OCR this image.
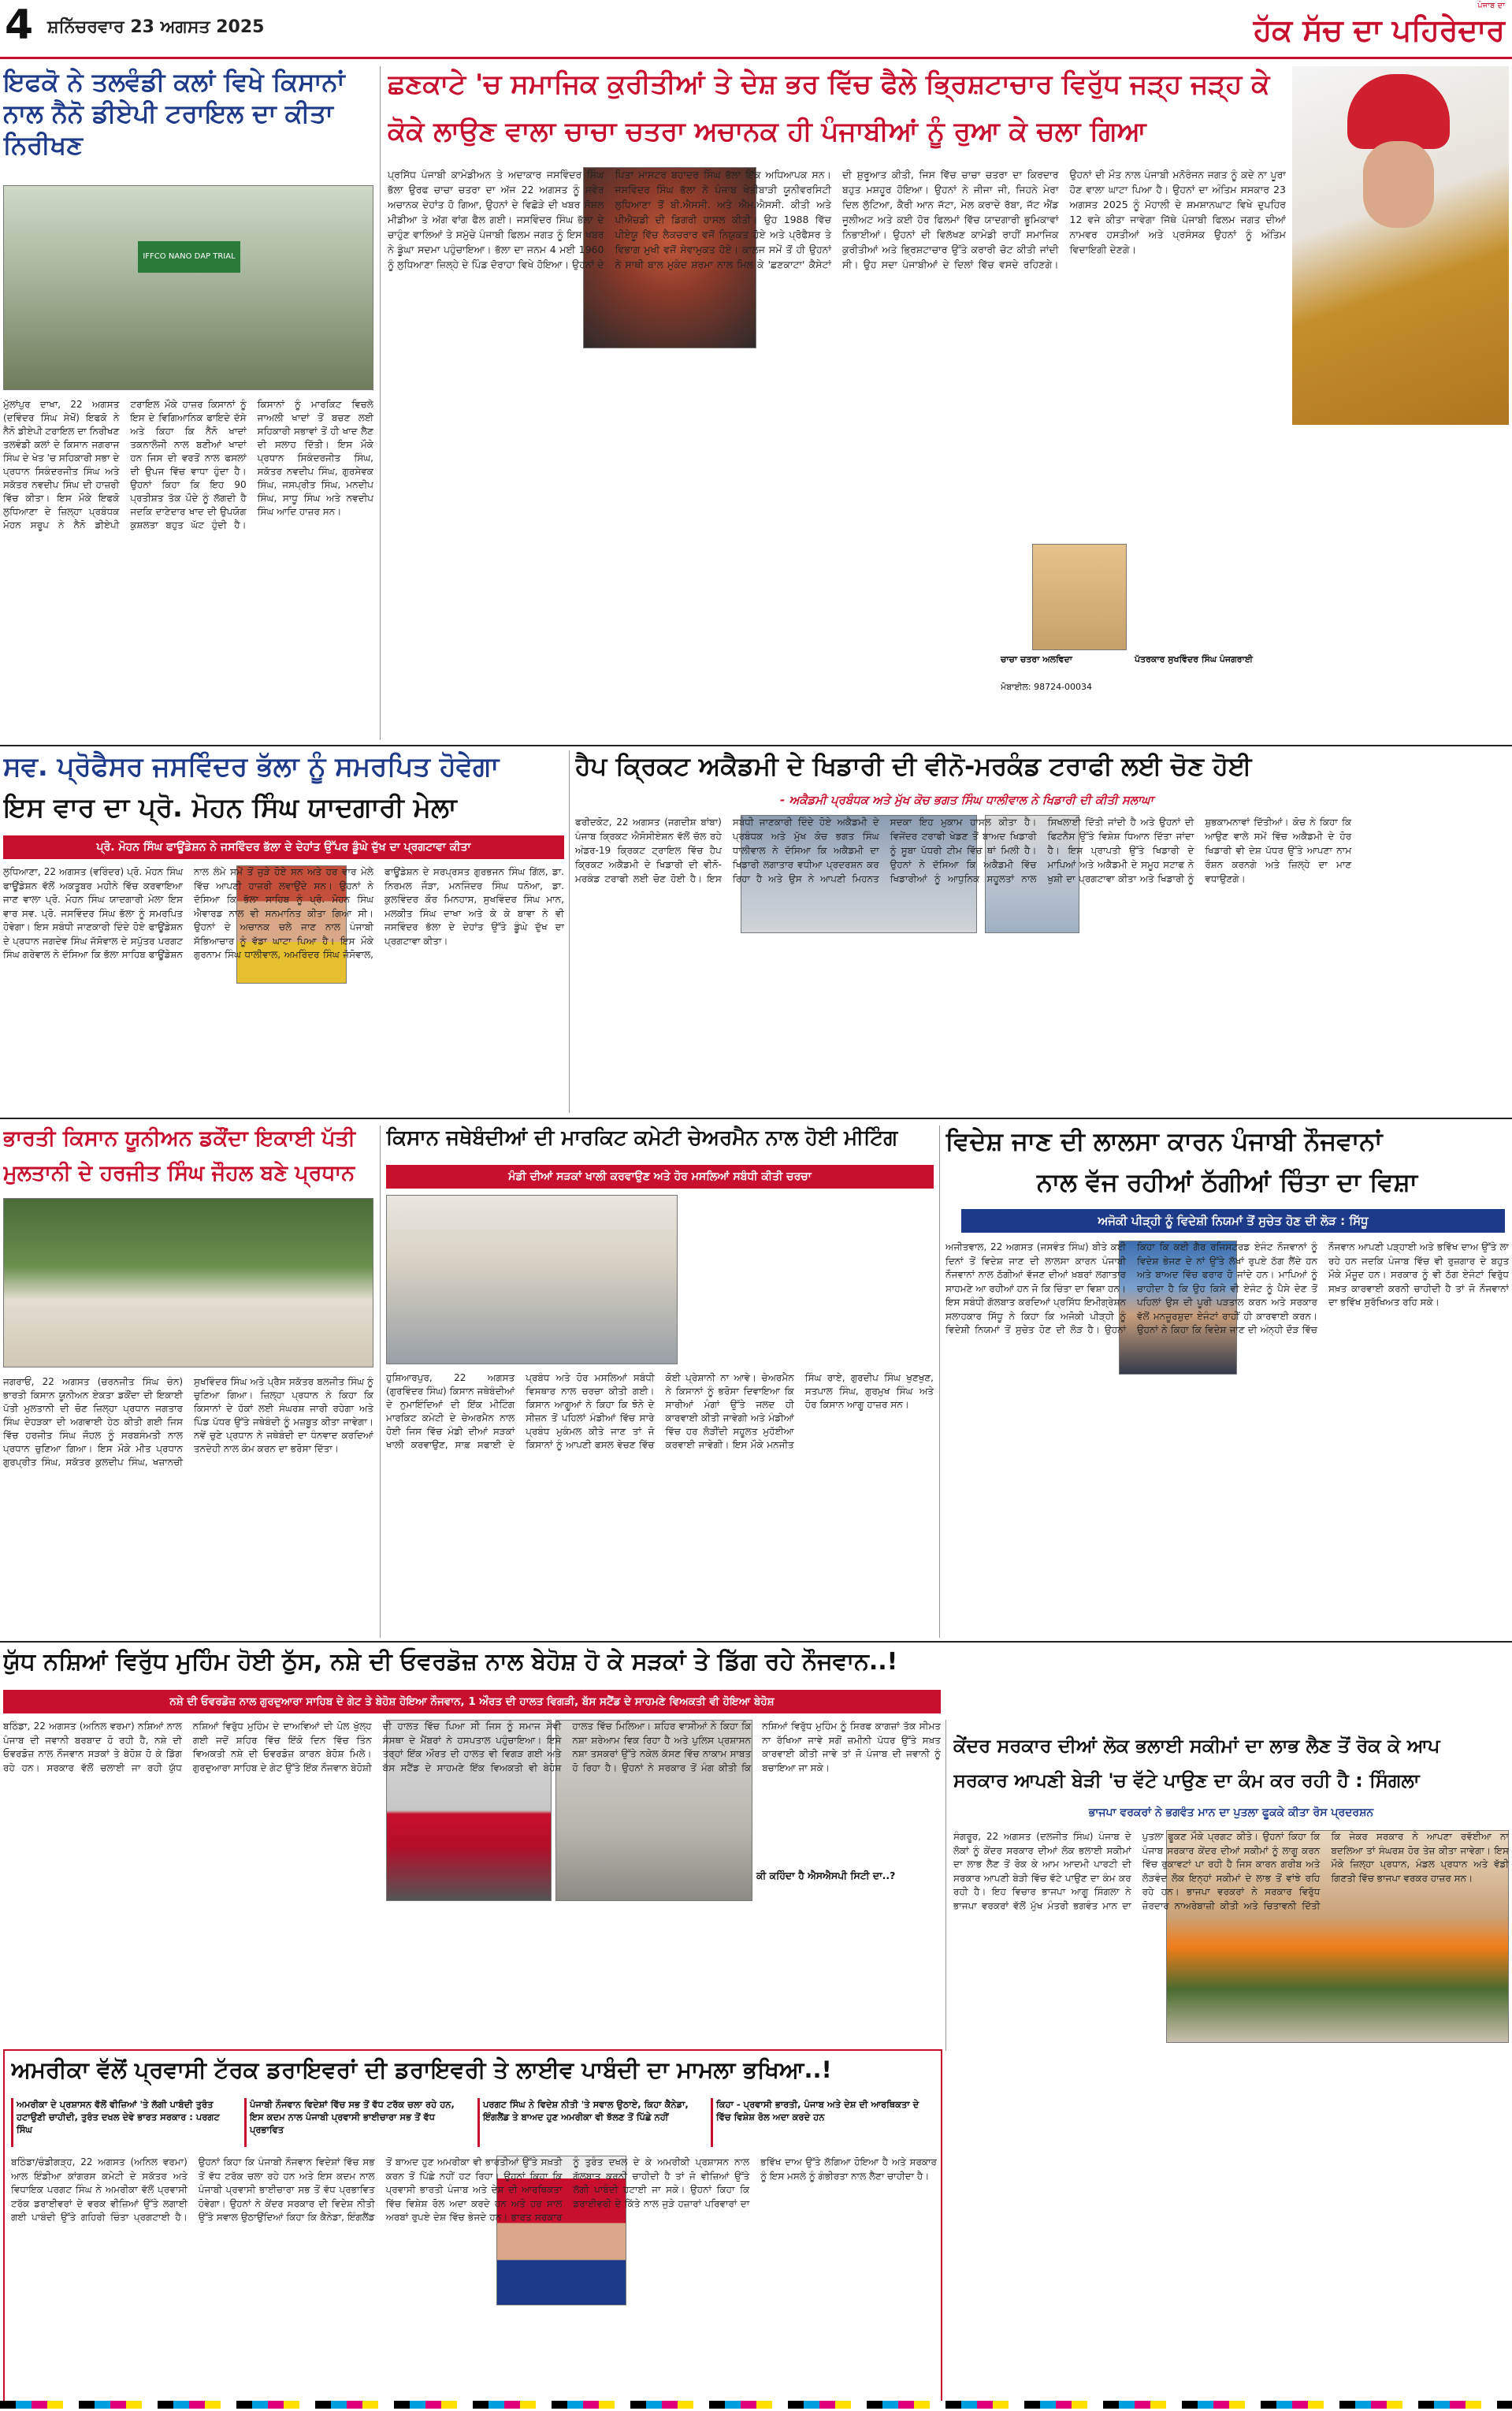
4 ਸ਼ਨਿੱਚਰਵਾਰ 23 ਅਗਸਤ 2025
ਪੰਜਾਬ ਦਾ
ਹੱਕ ਸੱਚ ਦਾ ਪਹਿਰੇਦਾਰ
ਇਫਕੋ ਨੇ ਤਲਵੰਡੀ ਕਲਾਂ ਵਿਖੇ ਕਿਸਾਨਾਂ ਨਾਲ ਨੈਨੋ ਡੀਏਪੀ ਟਰਾਇਲ ਦਾ ਕੀਤਾ ਨਿਰੀਖਣ
IFFCO NANO DAP TRIAL
ਮੁੱਲਾਂਪੁਰ ਦਾਖਾ, 22 ਅਗਸਤ (ਦਵਿੰਦਰ ਸਿੰਘ ਸੇਖੋਂ) ਇਫਕੋ ਨੇ ਨੈਨੋ ਡੀਏਪੀ ਟਰਾਇਲ ਦਾ ਨਿਰੀਖਣ ਤਲਵੰਡੀ ਕਲਾਂ ਦੇ ਕਿਸਾਨ ਜਗਰਾਜ ਸਿੰਘ ਦੇ ਖੇਤ 'ਚ ਸਹਿਕਾਰੀ ਸਭਾ ਦੇ ਪ੍ਰਧਾਨ ਸਿਕੰਦਰਜੀਤ ਸਿੰਘ ਅਤੇ ਸਕੱਤਰ ਨਵਦੀਪ ਸਿੰਘ ਦੀ ਹਾਜ਼ਰੀ ਵਿੱਚ ਕੀਤਾ। ਇਸ ਮੌਕੇ ਇਫਕੋ ਲੁਧਿਆਣਾ ਦੇ ਜ਼ਿਲ੍ਹਾ ਪ੍ਰਬੰਧਕ ਮੋਹਨ ਸਰੂਪ ਨੇ ਨੈਨੋ ਡੀਏਪੀ ਟਰਾਇਲ ਮੌਕੇ ਹਾਜ਼ਰ ਕਿਸਾਨਾਂ ਨੂੰ ਇਸ ਦੇ ਵਿਗਿਆਨਿਕ ਫਾਇਦੇ ਦੱਸੇ ਅਤੇ ਕਿਹਾ ਕਿ ਨੈਨੋ ਖਾਦਾਂ ਤਕਨਾਲੋਜੀ ਨਾਲ ਬਣੀਆਂ ਖਾਦਾਂ ਹਨ ਜਿਸ ਦੀ ਵਰਤੋਂ ਨਾਲ ਫਸਲਾਂ ਦੀ ਉਪਜ ਵਿੱਚ ਵਾਧਾ ਹੁੰਦਾ ਹੈ। ਉਹਨਾਂ ਕਿਹਾ ਕਿ ਇਹ 90 ਪ੍ਰਤੀਸ਼ਤ ਤੱਕ ਪੌਦੇ ਨੂੰ ਲੱਗਦੀ ਹੈ ਜਦਕਿ ਦਾਣੇਦਾਰ ਖਾਦ ਦੀ ਉਪਯੋਗ ਕੁਸ਼ਲਤਾ ਬਹੁਤ ਘੱਟ ਹੁੰਦੀ ਹੈ। ਕਿਸਾਨਾਂ ਨੂੰ ਮਾਰਕਿਟ ਵਿਚਲੇ ਜਾਅਲੀ ਖਾਦਾਂ ਤੋਂ ਬਚਣ ਲਈ ਸਹਿਕਾਰੀ ਸਭਾਵਾਂ ਤੋਂ ਹੀ ਖਾਦ ਲੈਣ ਦੀ ਸਲਾਹ ਦਿੱਤੀ। ਇਸ ਮੌਕੇ ਪ੍ਰਧਾਨ ਸਿਕੰਦਰਜੀਤ ਸਿੰਘ, ਸਕੱਤਰ ਨਵਦੀਪ ਸਿੰਘ, ਗੁਰਸੇਵਕ ਸਿੰਘ, ਜਸਪ੍ਰੀਤ ਸਿੰਘ, ਮਨਦੀਪ ਸਿੰਘ, ਸਾਧੂ ਸਿੰਘ ਅਤੇ ਨਵਦੀਪ ਸਿੰਘ ਆਦਿ ਹਾਜ਼ਰ ਸਨ।
ਛਣਕਾਟੇ 'ਚ ਸਮਾਜਿਕ ਕੁਰੀਤੀਆਂ ਤੇ ਦੇਸ਼ ਭਰ ਵਿੱਚ ਫੈਲੇ ਭ੍ਰਿਸ਼ਟਾਚਾਰ ਵਿਰੁੱਧ ਜੜ੍ਹ ਜੜ੍ਹ ਕੇ
ਕੋਕੇ ਲਾਉਣ ਵਾਲਾ ਚਾਚਾ ਚਤਰਾ ਅਚਾਨਕ ਹੀ ਪੰਜਾਬੀਆਂ ਨੂੰ ਰੁਆ ਕੇ ਚਲਾ ਗਿਆ
ਪ੍ਰਸਿੱਧ ਪੰਜਾਬੀ ਕਾਮੇਡੀਅਨ ਤੇ ਅਦਾਕਾਰ ਜਸਵਿੰਦਰ ਸਿੰਘ ਭੱਲਾ ਉਰਫ ਚਾਚਾ ਚਤਰਾ ਦਾ ਅੱਜ 22 ਅਗਸਤ ਨੂੰ ਸਵੇਰ ਅਚਾਨਕ ਦੇਹਾਂਤ ਹੋ ਗਿਆ, ਉਹਨਾਂ ਦੇ ਵਿਛੋੜੇ ਦੀ ਖਬਰ ਸੋਸ਼ਲ ਮੀਡੀਆ ਤੇ ਅੱਗ ਵਾਂਗ ਫੈਲ ਗਈ। ਜਸਵਿੰਦਰ ਸਿੰਘ ਭੱਲਾ ਦੇ ਚਾਹੁੰਣ ਵਾਲਿਆਂ ਤੇ ਸਮੁੱਚੇ ਪੰਜਾਬੀ ਫਿਲਮ ਜਗਤ ਨੂੰ ਇਸ ਖਬਰ ਨੇ ਡੂੰਘਾ ਸਦਮਾ ਪਹੁੰਚਾਇਆ। ਭੱਲਾ ਦਾ ਜਨਮ 4 ਮਈ 1960 ਨੂੰ ਲੁਧਿਆਣਾ ਜ਼ਿਲ੍ਹੇ ਦੇ ਪਿੰਡ ਦੋਰਾਹਾ ਵਿਖੇ ਹੋਇਆ। ਉਹਨਾਂ ਦੇ ਪਿਤਾ ਮਾਸਟਰ ਬਹਾਦਰ ਸਿੰਘ ਭੱਲਾ ਇੱਕ ਅਧਿਆਪਕ ਸਨ। ਜਸਵਿੰਦਰ ਸਿੰਘ ਭੱਲਾ ਨੇ ਪੰਜਾਬ ਖੇਤੀਬਾੜੀ ਯੂਨੀਵਰਸਿਟੀ ਲੁਧਿਆਣਾ ਤੋਂ ਬੀ.ਐਸਸੀ. ਅਤੇ ਐਮ.ਐਸਸੀ. ਕੀਤੀ ਅਤੇ ਪੀਐਚਡੀ ਦੀ ਡਿਗਰੀ ਹਾਸਲ ਕੀਤੀ। ਉਹ 1988 ਵਿੱਚ ਪੀਏਯੂ ਵਿੱਚ ਲੈਕਚਰਾਰ ਵਜੋਂ ਨਿਯੁਕਤ ਹੋਏ ਅਤੇ ਪ੍ਰੋਫੈਸਰ ਤੇ ਵਿਭਾਗ ਮੁਖੀ ਵਜੋਂ ਸੇਵਾਮੁਕਤ ਹੋਏ। ਕਾਲਜ ਸਮੇਂ ਤੋਂ ਹੀ ਉਹਨਾਂ ਨੇ ਸਾਥੀ ਬਾਲ ਮੁਕੰਦ ਸ਼ਰਮਾ ਨਾਲ ਮਿਲ ਕੇ 'ਛਣਕਾਟਾ' ਕੈਸੇਟਾਂ ਦੀ ਸ਼ੁਰੂਆਤ ਕੀਤੀ, ਜਿਸ ਵਿੱਚ ਚਾਚਾ ਚਤਰਾ ਦਾ ਕਿਰਦਾਰ ਬਹੁਤ ਮਸ਼ਹੂਰ ਹੋਇਆ। ਉਹਨਾਂ ਨੇ ਜੀਜਾ ਜੀ, ਜਿਹਨੇ ਮੇਰਾ ਦਿਲ ਲੁੱਟਿਆ, ਕੈਰੀ ਆਨ ਜੱਟਾ, ਮੇਲ ਕਰਾਦੇ ਰੱਬਾ, ਜੱਟ ਐਂਡ ਜੂਲੀਅਟ ਅਤੇ ਕਈ ਹੋਰ ਫਿਲਮਾਂ ਵਿੱਚ ਯਾਦਗਾਰੀ ਭੂਮਿਕਾਵਾਂ ਨਿਭਾਈਆਂ। ਉਹਨਾਂ ਦੀ ਵਿਲੱਖਣ ਕਾਮੇਡੀ ਰਾਹੀਂ ਸਮਾਜਿਕ ਕੁਰੀਤੀਆਂ ਅਤੇ ਭ੍ਰਿਸ਼ਟਾਚਾਰ ਉੱਤੇ ਕਰਾਰੀ ਚੋਟ ਕੀਤੀ ਜਾਂਦੀ ਸੀ। ਉਹ ਸਦਾ ਪੰਜਾਬੀਆਂ ਦੇ ਦਿਲਾਂ ਵਿੱਚ ਵਸਦੇ ਰਹਿਣਗੇ। ਉਹਨਾਂ ਦੀ ਮੌਤ ਨਾਲ ਪੰਜਾਬੀ ਮਨੋਰੰਜਨ ਜਗਤ ਨੂੰ ਕਦੇ ਨਾ ਪੂਰਾ ਹੋਣ ਵਾਲਾ ਘਾਟਾ ਪਿਆ ਹੈ। ਉਹਨਾਂ ਦਾ ਅੰਤਿਮ ਸਸਕਾਰ 23 ਅਗਸਤ 2025 ਨੂੰ ਮੋਹਾਲੀ ਦੇ ਸ਼ਮਸ਼ਾਨਘਾਟ ਵਿਖੇ ਦੁਪਹਿਰ 12 ਵਜੇ ਕੀਤਾ ਜਾਵੇਗਾ ਜਿੱਥੇ ਪੰਜਾਬੀ ਫਿਲਮ ਜਗਤ ਦੀਆਂ ਨਾਮਵਰ ਹਸਤੀਆਂ ਅਤੇ ਪ੍ਰਸੰਸਕ ਉਹਨਾਂ ਨੂੰ ਅੰਤਿਮ ਵਿਦਾਇਗੀ ਦੇਣਗੇ।
ਚਾਚਾ ਚਤਰਾ ਅਲਵਿਦਾ	ਪੱਤਰਕਾਰ ਸੁਖਵਿੰਦਰ ਸਿੰਘ ਪੰਜਗਰਾਈ
ਮੋਬਾਈਲ: 98724-00034
ਸਵ. ਪ੍ਰੋਫੈਸਰ ਜਸਵਿੰਦਰ ਭੱਲਾ ਨੂੰ ਸਮਰਪਿਤ ਹੋਵੇਗਾ
ਇਸ ਵਾਰ ਦਾ ਪ੍ਰੋ. ਮੋਹਨ ਸਿੰਘ ਯਾਦਗਾਰੀ ਮੇਲਾ
ਪ੍ਰੋ. ਮੋਹਨ ਸਿੰਘ ਫਾਊਂਡੇਸ਼ਨ ਨੇ ਜਸਵਿੰਦਰ ਭੱਲਾ ਦੇ ਦੇਹਾਂਤ ਉੱਪਰ ਡੂੰਘੇ ਦੁੱਖ ਦਾ ਪ੍ਰਗਟਾਵਾ ਕੀਤਾ
ਲੁਧਿਆਣਾ, 22 ਅਗਸਤ (ਵਰਿੰਦਰ) ਪ੍ਰੋ. ਮੋਹਨ ਸਿੰਘ ਫਾਊਂਡੇਸ਼ਨ ਵੱਲੋਂ ਅਕਤੂਬਰ ਮਹੀਨੇ ਵਿੱਚ ਕਰਵਾਇਆ ਜਾਣ ਵਾਲਾ ਪ੍ਰੋ. ਮੋਹਨ ਸਿੰਘ ਯਾਦਗਾਰੀ ਮੇਲਾ ਇਸ ਵਾਰ ਸਵ. ਪ੍ਰੋ. ਜਸਵਿੰਦਰ ਸਿੰਘ ਭੱਲਾ ਨੂੰ ਸਮਰਪਿਤ ਹੋਵੇਗਾ। ਇਸ ਸਬੰਧੀ ਜਾਣਕਾਰੀ ਦਿੰਦੇ ਹੋਏ ਫਾਊਂਡੇਸ਼ਨ ਦੇ ਪ੍ਰਧਾਨ ਜਗਦੇਵ ਸਿੰਘ ਜੱਸੋਵਾਲ ਦੇ ਸਪੁੱਤਰ ਪਰਗਟ ਸਿੰਘ ਗਰੇਵਾਲ ਨੇ ਦੱਸਿਆ ਕਿ ਭੱਲਾ ਸਾਹਿਬ ਫਾਊਂਡੇਸ਼ਨ ਨਾਲ ਲੰਮੇ ਸਮੇਂ ਤੋਂ ਜੁੜੇ ਹੋਏ ਸਨ ਅਤੇ ਹਰ ਵਾਰ ਮੇਲੇ ਵਿੱਚ ਆਪਣੀ ਹਾਜ਼ਰੀ ਲਵਾਉਂਦੇ ਸਨ। ਉਹਨਾਂ ਨੇ ਦੱਸਿਆ ਕਿ ਭੱਲਾ ਸਾਹਿਬ ਨੂੰ ਪ੍ਰੋ. ਮੋਹਨ ਸਿੰਘ ਐਵਾਰਡ ਨਾਲ ਵੀ ਸਨਮਾਨਿਤ ਕੀਤਾ ਗਿਆ ਸੀ। ਉਹਨਾਂ ਦੇ ਅਚਾਨਕ ਚਲੇ ਜਾਣ ਨਾਲ ਪੰਜਾਬੀ ਸੱਭਿਆਚਾਰ ਨੂੰ ਵੱਡਾ ਘਾਟਾ ਪਿਆ ਹੈ। ਇਸ ਮੌਕੇ ਗੁਰਨਾਮ ਸਿੰਘ ਧਾਲੀਵਾਲ, ਅਮਰਿੰਦਰ ਸਿੰਘ ਜੱਸੋਵਾਲ, ਫਾਊਂਡੇਸ਼ਨ ਦੇ ਸਰਪ੍ਰਸਤ ਗੁਰਭਜਨ ਸਿੰਘ ਗਿੱਲ, ਡਾ. ਨਿਰਮਲ ਜੌੜਾ, ਮਨਜਿੰਦਰ ਸਿੰਘ ਧਨੋਆ, ਡਾ. ਕੁਲਵਿੰਦਰ ਕੌਰ ਮਿਨਹਾਸ, ਸੁਖਵਿੰਦਰ ਸਿੰਘ ਮਾਨ, ਮਲਕੀਤ ਸਿੰਘ ਦਾਖਾ ਅਤੇ ਕੇ ਕੇ ਬਾਵਾ ਨੇ ਵੀ ਜਸਵਿੰਦਰ ਭੱਲਾ ਦੇ ਦੇਹਾਂਤ ਉੱਤੇ ਡੂੰਘੇ ਦੁੱਖ ਦਾ ਪ੍ਰਗਟਾਵਾ ਕੀਤਾ।
ਹੈਪ ਕ੍ਰਿਕਟ ਅਕੈਡਮੀ ਦੇ ਖਿਡਾਰੀ ਦੀ ਵੀਨੋ-ਮਰਕੰਡ ਟਰਾਫੀ ਲਈ ਚੋਣ ਹੋਈ
- ਅਕੈਡਮੀ ਪ੍ਰਬੰਧਕ ਅਤੇ ਮੁੱਖ ਕੋਚ ਭਗਤ ਸਿੰਘ ਧਾਲੀਵਾਲ ਨੇ ਖਿਡਾਰੀ ਦੀ ਕੀਤੀ ਸਲਾਘਾ
ਫਰੀਦਕੋਟ, 22 ਅਗਸਤ (ਜਗਦੀਸ਼ ਬਾਂਬਾ) ਪੰਜਾਬ ਕ੍ਰਿਕਟ ਐਸੋਸੀਏਸ਼ਨ ਵੱਲੋਂ ਚੱਲ ਰਹੇ ਅੰਡਰ-19 ਕ੍ਰਿਕਟ ਟ੍ਰਾਇਲ ਵਿੱਚ ਹੈਪ ਕ੍ਰਿਕਟ ਅਕੈਡਮੀ ਦੇ ਖਿਡਾਰੀ ਦੀ ਵੀਨੋ-ਮਰਕੰਡ ਟਰਾਫੀ ਲਈ ਚੋਣ ਹੋਈ ਹੈ। ਇਸ ਸਬੰਧੀ ਜਾਣਕਾਰੀ ਦਿੰਦੇ ਹੋਏ ਅਕੈਡਮੀ ਦੇ ਪ੍ਰਬੰਧਕ ਅਤੇ ਮੁੱਖ ਕੋਚ ਭਗਤ ਸਿੰਘ ਧਾਲੀਵਾਲ ਨੇ ਦੱਸਿਆ ਕਿ ਅਕੈਡਮੀ ਦਾ ਖਿਡਾਰੀ ਲਗਾਤਾਰ ਵਧੀਆ ਪ੍ਰਦਰਸ਼ਨ ਕਰ ਰਿਹਾ ਹੈ ਅਤੇ ਉਸ ਨੇ ਆਪਣੀ ਮਿਹਨਤ ਸਦਕਾ ਇਹ ਮੁਕਾਮ ਹਾਸਲ ਕੀਤਾ ਹੈ। ਵਿਜੇਂਦਰ ਟਰਾਫੀ ਖੇਡਣ ਤੋਂ ਬਾਅਦ ਖਿਡਾਰੀ ਨੂੰ ਸੂਬਾ ਪੱਧਰੀ ਟੀਮ ਵਿੱਚ ਥਾਂ ਮਿਲੀ ਹੈ। ਉਹਨਾਂ ਨੇ ਦੱਸਿਆ ਕਿ ਅਕੈਡਮੀ ਵਿੱਚ ਖਿਡਾਰੀਆਂ ਨੂੰ ਆਧੁਨਿਕ ਸਹੂਲਤਾਂ ਨਾਲ ਸਿਖਲਾਈ ਦਿੱਤੀ ਜਾਂਦੀ ਹੈ ਅਤੇ ਉਹਨਾਂ ਦੀ ਫਿਟਨੈਸ ਉੱਤੇ ਵਿਸ਼ੇਸ਼ ਧਿਆਨ ਦਿੱਤਾ ਜਾਂਦਾ ਹੈ। ਇਸ ਪ੍ਰਾਪਤੀ ਉੱਤੇ ਖਿਡਾਰੀ ਦੇ ਮਾਪਿਆਂ ਅਤੇ ਅਕੈਡਮੀ ਦੇ ਸਮੂਹ ਸਟਾਫ ਨੇ ਖੁਸ਼ੀ ਦਾ ਪ੍ਰਗਟਾਵਾ ਕੀਤਾ ਅਤੇ ਖਿਡਾਰੀ ਨੂੰ ਸ਼ੁਭਕਾਮਨਾਵਾਂ ਦਿੱਤੀਆਂ। ਕੋਚ ਨੇ ਕਿਹਾ ਕਿ ਆਉਣ ਵਾਲੇ ਸਮੇਂ ਵਿੱਚ ਅਕੈਡਮੀ ਦੇ ਹੋਰ ਖਿਡਾਰੀ ਵੀ ਦੇਸ਼ ਪੱਧਰ ਉੱਤੇ ਆਪਣਾ ਨਾਮ ਰੌਸ਼ਨ ਕਰਨਗੇ ਅਤੇ ਜ਼ਿਲ੍ਹੇ ਦਾ ਮਾਣ ਵਧਾਉਣਗੇ।
ਭਾਰਤੀ ਕਿਸਾਨ ਯੂਨੀਅਨ ਡਕੌਂਦਾ ਇਕਾਈ ਪੱਤੀ
ਮੁਲਤਾਨੀ ਦੇ ਹਰਜੀਤ ਸਿੰਘ ਜੌਹਲ ਬਣੇ ਪ੍ਰਧਾਨ
ਜਗਰਾਓਂ, 22 ਅਗਸਤ (ਚਰਨਜੀਤ ਸਿੰਘ ਚੰਨ) ਭਾਰਤੀ ਕਿਸਾਨ ਯੂਨੀਅਨ ਏਕਤਾ ਡਕੌਂਦਾ ਦੀ ਇਕਾਈ ਪੱਤੀ ਮੁਲਤਾਨੀ ਦੀ ਚੋਣ ਜ਼ਿਲ੍ਹਾ ਪ੍ਰਧਾਨ ਜਗਤਾਰ ਸਿੰਘ ਦੇਹੜਕਾ ਦੀ ਅਗਵਾਈ ਹੇਠ ਕੀਤੀ ਗਈ ਜਿਸ ਵਿੱਚ ਹਰਜੀਤ ਸਿੰਘ ਜੌਹਲ ਨੂੰ ਸਰਬਸੰਮਤੀ ਨਾਲ ਪ੍ਰਧਾਨ ਚੁਣਿਆ ਗਿਆ। ਇਸ ਮੌਕੇ ਮੀਤ ਪ੍ਰਧਾਨ ਗੁਰਪ੍ਰੀਤ ਸਿੰਘ, ਸਕੱਤਰ ਕੁਲਦੀਪ ਸਿੰਘ, ਖਜ਼ਾਨਚੀ ਸੁਖਵਿੰਦਰ ਸਿੰਘ ਅਤੇ ਪ੍ਰੈਸ ਸਕੱਤਰ ਬਲਜੀਤ ਸਿੰਘ ਨੂੰ ਚੁਣਿਆ ਗਿਆ। ਜ਼ਿਲ੍ਹਾ ਪ੍ਰਧਾਨ ਨੇ ਕਿਹਾ ਕਿ ਕਿਸਾਨਾਂ ਦੇ ਹੱਕਾਂ ਲਈ ਸੰਘਰਸ਼ ਜਾਰੀ ਰਹੇਗਾ ਅਤੇ ਪਿੰਡ ਪੱਧਰ ਉੱਤੇ ਜਥੇਬੰਦੀ ਨੂੰ ਮਜ਼ਬੂਤ ਕੀਤਾ ਜਾਵੇਗਾ। ਨਵੇਂ ਚੁਣੇ ਪ੍ਰਧਾਨ ਨੇ ਜਥੇਬੰਦੀ ਦਾ ਧੰਨਵਾਦ ਕਰਦਿਆਂ ਤਨਦੇਹੀ ਨਾਲ ਕੰਮ ਕਰਨ ਦਾ ਭਰੋਸਾ ਦਿੱਤਾ।
ਕਿਸਾਨ ਜਥੇਬੰਦੀਆਂ ਦੀ ਮਾਰਕਿਟ ਕਮੇਟੀ ਚੇਅਰਮੈਨ ਨਾਲ ਹੋਈ ਮੀਟਿੰਗ
ਮੰਡੀ ਦੀਆਂ ਸੜਕਾਂ ਖਾਲੀ ਕਰਵਾਉਣ ਅਤੇ ਹੋਰ ਮਸਲਿਆਂ ਸਬੰਧੀ ਕੀਤੀ ਚਰਚਾ
ਹੁਸ਼ਿਆਰਪੁਰ, 22 ਅਗਸਤ (ਗੁਰਵਿੰਦਰ ਸਿੰਘ) ਕਿਸਾਨ ਜਥੇਬੰਦੀਆਂ ਦੇ ਨੁਮਾਇੰਦਿਆਂ ਦੀ ਇੱਕ ਮੀਟਿੰਗ ਮਾਰਕਿਟ ਕਮੇਟੀ ਦੇ ਚੇਅਰਮੈਨ ਨਾਲ ਹੋਈ ਜਿਸ ਵਿੱਚ ਮੰਡੀ ਦੀਆਂ ਸੜਕਾਂ ਖਾਲੀ ਕਰਵਾਉਣ, ਸਾਫ਼ ਸਫਾਈ ਦੇ ਪ੍ਰਬੰਧ ਅਤੇ ਹੋਰ ਮਸਲਿਆਂ ਸਬੰਧੀ ਵਿਸਥਾਰ ਨਾਲ ਚਰਚਾ ਕੀਤੀ ਗਈ। ਕਿਸਾਨ ਆਗੂਆਂ ਨੇ ਕਿਹਾ ਕਿ ਝੋਨੇ ਦੇ ਸੀਜ਼ਨ ਤੋਂ ਪਹਿਲਾਂ ਮੰਡੀਆਂ ਵਿੱਚ ਸਾਰੇ ਪ੍ਰਬੰਧ ਮੁਕੰਮਲ ਕੀਤੇ ਜਾਣ ਤਾਂ ਜੋ ਕਿਸਾਨਾਂ ਨੂੰ ਆਪਣੀ ਫਸਲ ਵੇਚਣ ਵਿੱਚ ਕੋਈ ਪ੍ਰੇਸ਼ਾਨੀ ਨਾ ਆਵੇ। ਚੇਅਰਮੈਨ ਨੇ ਕਿਸਾਨਾਂ ਨੂੰ ਭਰੋਸਾ ਦਿਵਾਇਆ ਕਿ ਸਾਰੀਆਂ ਮੰਗਾਂ ਉੱਤੇ ਜਲਦ ਹੀ ਕਾਰਵਾਈ ਕੀਤੀ ਜਾਵੇਗੀ ਅਤੇ ਮੰਡੀਆਂ ਵਿੱਚ ਹਰ ਲੋੜੀਂਦੀ ਸਹੂਲਤ ਮੁਹੱਈਆ ਕਰਵਾਈ ਜਾਵੇਗੀ। ਇਸ ਮੌਕੇ ਮਨਜੀਤ ਸਿੰਘ ਰਾਏ, ਗੁਰਦੀਪ ਸਿੰਘ ਖੁਣਖੁਣ, ਸਤਪਾਲ ਸਿੰਘ, ਗੁਰਮੁਖ ਸਿੰਘ ਅਤੇ ਹੋਰ ਕਿਸਾਨ ਆਗੂ ਹਾਜ਼ਰ ਸਨ।
ਵਿਦੇਸ਼ ਜਾਣ ਦੀ ਲਾਲਸਾ ਕਾਰਨ ਪੰਜਾਬੀ ਨੌਜਵਾਨਾਂ
ਨਾਲ ਵੱਜ ਰਹੀਆਂ ਠੱਗੀਆਂ ਚਿੰਤਾ ਦਾ ਵਿਸ਼ਾ
ਅਜੋਕੀ ਪੀੜ੍ਹੀ ਨੂੰ ਵਿਦੇਸ਼ੀ ਨਿਯਮਾਂ ਤੋਂ ਸੁਚੇਤ ਹੋਣ ਦੀ ਲੋੜ : ਸਿੱਧੂ
ਅਜੀਤਵਾਲ, 22 ਅਗਸਤ (ਜਸਵੰਤ ਸਿੰਘ) ਬੀਤੇ ਕਈ ਦਿਨਾਂ ਤੋਂ ਵਿਦੇਸ਼ ਜਾਣ ਦੀ ਲਾਲਸਾ ਕਾਰਨ ਪੰਜਾਬੀ ਨੌਜਵਾਨਾਂ ਨਾਲ ਠੱਗੀਆਂ ਵੱਜਣ ਦੀਆਂ ਖ਼ਬਰਾਂ ਲਗਾਤਾਰ ਸਾਹਮਣੇ ਆ ਰਹੀਆਂ ਹਨ ਜੋ ਕਿ ਚਿੰਤਾ ਦਾ ਵਿਸ਼ਾ ਹਨ। ਇਸ ਸਬੰਧੀ ਗੱਲਬਾਤ ਕਰਦਿਆਂ ਪ੍ਰਸਿੱਧ ਇਮੀਗ੍ਰੇਸ਼ਨ ਸਲਾਹਕਾਰ ਸਿੱਧੂ ਨੇ ਕਿਹਾ ਕਿ ਅਜੋਕੀ ਪੀੜ੍ਹੀ ਨੂੰ ਵਿਦੇਸ਼ੀ ਨਿਯਮਾਂ ਤੋਂ ਸੁਚੇਤ ਹੋਣ ਦੀ ਲੋੜ ਹੈ। ਉਹਨਾਂ ਕਿਹਾ ਕਿ ਕਈ ਗੈਰ ਰਜਿਸਟਰਡ ਏਜੰਟ ਨੌਜਵਾਨਾਂ ਨੂੰ ਵਿਦੇਸ਼ ਭੇਜਣ ਦੇ ਨਾਂ ਉੱਤੇ ਲੱਖਾਂ ਰੁਪਏ ਠੱਗ ਲੈਂਦੇ ਹਨ ਅਤੇ ਬਾਅਦ ਵਿੱਚ ਫਰਾਰ ਹੋ ਜਾਂਦੇ ਹਨ। ਮਾਪਿਆਂ ਨੂੰ ਚਾਹੀਦਾ ਹੈ ਕਿ ਉਹ ਕਿਸੇ ਵੀ ਏਜੰਟ ਨੂੰ ਪੈਸੇ ਦੇਣ ਤੋਂ ਪਹਿਲਾਂ ਉਸ ਦੀ ਪੂਰੀ ਪੜਤਾਲ ਕਰਨ ਅਤੇ ਸਰਕਾਰ ਵੱਲੋਂ ਮਨਜ਼ੂਰਸ਼ੁਦਾ ਏਜੰਟਾਂ ਰਾਹੀਂ ਹੀ ਕਾਰਵਾਈ ਕਰਨ। ਉਹਨਾਂ ਨੇ ਕਿਹਾ ਕਿ ਵਿਦੇਸ਼ ਜਾਣ ਦੀ ਅੰਨ੍ਹੀ ਦੌੜ ਵਿੱਚ ਨੌਜਵਾਨ ਆਪਣੀ ਪੜ੍ਹਾਈ ਅਤੇ ਭਵਿੱਖ ਦਾਅ ਉੱਤੇ ਲਾ ਰਹੇ ਹਨ ਜਦਕਿ ਪੰਜਾਬ ਵਿੱਚ ਵੀ ਰੁਜ਼ਗਾਰ ਦੇ ਬਹੁਤ ਮੌਕੇ ਮੌਜੂਦ ਹਨ। ਸਰਕਾਰ ਨੂੰ ਵੀ ਠੱਗ ਏਜੰਟਾਂ ਵਿਰੁੱਧ ਸਖ਼ਤ ਕਾਰਵਾਈ ਕਰਨੀ ਚਾਹੀਦੀ ਹੈ ਤਾਂ ਜੋ ਨੌਜਵਾਨਾਂ ਦਾ ਭਵਿੱਖ ਸੁਰੱਖਿਅਤ ਰਹਿ ਸਕੇ।
ਯੁੱਧ ਨਸ਼ਿਆਂ ਵਿਰੁੱਧ ਮੁਹਿੰਮ ਹੋਈ ਠੁੱਸ, ਨਸ਼ੇ ਦੀ ਓਵਰਡੋਜ਼ ਨਾਲ ਬੇਹੋਸ਼ ਹੋ ਕੇ ਸੜਕਾਂ ਤੇ ਡਿੱਗ ਰਹੇ ਨੌਜਵਾਨ..!
ਨਸ਼ੇ ਦੀ ਓਵਰਡੋਜ਼ ਨਾਲ ਗੁਰਦੁਆਰਾ ਸਾਹਿਬ ਦੇ ਗੇਟ ਤੇ ਬੇਹੋਸ਼ ਹੋਇਆ ਨੌਜਵਾਨ, 1 ਔਰਤ ਦੀ ਹਾਲਤ ਵਿਗੜੀ, ਬੱਸ ਸਟੈਂਡ ਦੇ ਸਾਹਮਣੇ ਵਿਅਕਤੀ ਵੀ ਹੋਇਆ ਬੇਹੋਸ਼
ਬਠਿੰਡਾ, 22 ਅਗਸਤ (ਅਨਿਲ ਵਰਮਾ) ਨਸ਼ਿਆਂ ਨਾਲ ਪੰਜਾਬ ਦੀ ਜਵਾਨੀ ਬਰਬਾਦ ਹੋ ਰਹੀ ਹੈ, ਨਸ਼ੇ ਦੀ ਓਵਰਡੋਜ਼ ਨਾਲ ਨੌਜਵਾਨ ਸੜਕਾਂ ਤੇ ਬੇਹੋਸ਼ ਹੋ ਕੇ ਡਿੱਗ ਰਹੇ ਹਨ। ਸਰਕਾਰ ਵੱਲੋਂ ਚਲਾਈ ਜਾ ਰਹੀ ਯੁੱਧ ਨਸ਼ਿਆਂ ਵਿਰੁੱਧ ਮੁਹਿੰਮ ਦੇ ਦਾਅਵਿਆਂ ਦੀ ਪੋਲ ਖੁੱਲ੍ਹ ਗਈ ਜਦੋਂ ਸ਼ਹਿਰ ਵਿੱਚ ਇੱਕੋ ਦਿਨ ਵਿੱਚ ਤਿੰਨ ਵਿਅਕਤੀ ਨਸ਼ੇ ਦੀ ਓਵਰਡੋਜ਼ ਕਾਰਨ ਬੇਹੋਸ਼ ਮਿਲੇ। ਗੁਰਦੁਆਰਾ ਸਾਹਿਬ ਦੇ ਗੇਟ ਉੱਤੇ ਇੱਕ ਨੌਜਵਾਨ ਬੇਹੋਸ਼ੀ ਦੀ ਹਾਲਤ ਵਿੱਚ ਪਿਆ ਸੀ ਜਿਸ ਨੂੰ ਸਮਾਜ ਸੇਵੀ ਸੰਸਥਾ ਦੇ ਮੈਂਬਰਾਂ ਨੇ ਹਸਪਤਾਲ ਪਹੁੰਚਾਇਆ। ਇਸੇ ਤਰ੍ਹਾਂ ਇੱਕ ਔਰਤ ਦੀ ਹਾਲਤ ਵੀ ਵਿਗੜ ਗਈ ਅਤੇ ਬੱਸ ਸਟੈਂਡ ਦੇ ਸਾਹਮਣੇ ਇੱਕ ਵਿਅਕਤੀ ਵੀ ਬੇਹੋਸ਼ ਹਾਲਤ ਵਿੱਚ ਮਿਲਿਆ। ਸ਼ਹਿਰ ਵਾਸੀਆਂ ਨੇ ਕਿਹਾ ਕਿ ਨਸ਼ਾ ਸ਼ਰੇਆਮ ਵਿਕ ਰਿਹਾ ਹੈ ਅਤੇ ਪੁਲਿਸ ਪ੍ਰਸ਼ਾਸਨ ਨਸ਼ਾ ਤਸਕਰਾਂ ਉੱਤੇ ਨਕੇਲ ਕੱਸਣ ਵਿੱਚ ਨਾਕਾਮ ਸਾਬਤ ਹੋ ਰਿਹਾ ਹੈ। ਉਹਨਾਂ ਨੇ ਸਰਕਾਰ ਤੋਂ ਮੰਗ ਕੀਤੀ ਕਿ ਨਸ਼ਿਆਂ ਵਿਰੁੱਧ ਮੁਹਿੰਮ ਨੂੰ ਸਿਰਫ ਕਾਗਜ਼ਾਂ ਤੱਕ ਸੀਮਤ ਨਾ ਰੱਖਿਆ ਜਾਵੇ ਸਗੋਂ ਜ਼ਮੀਨੀ ਪੱਧਰ ਉੱਤੇ ਸਖ਼ਤ ਕਾਰਵਾਈ ਕੀਤੀ ਜਾਵੇ ਤਾਂ ਜੋ ਪੰਜਾਬ ਦੀ ਜਵਾਨੀ ਨੂੰ ਬਚਾਇਆ ਜਾ ਸਕੇ।
ਕੀ ਕਹਿੰਦਾ ਹੈ ਐਸਐਸਪੀ ਸਿਟੀ ਦਾ..?
ਕੇਂਦਰ ਸਰਕਾਰ ਦੀਆਂ ਲੋਕ ਭਲਾਈ ਸਕੀਮਾਂ ਦਾ ਲਾਭ ਲੈਣ ਤੋਂ ਰੋਕ ਕੇ ਆਪ
ਸਰਕਾਰ ਆਪਣੀ ਬੇੜੀ 'ਚ ਵੱਟੇ ਪਾਉਣ ਦਾ ਕੰਮ ਕਰ ਰਹੀ ਹੈ : ਸਿੰਗਲਾ
ਭਾਜਪਾ ਵਰਕਰਾਂ ਨੇ ਭਗਵੰਤ ਮਾਨ ਦਾ ਪੁਤਲਾ ਫੂਕਕੇ ਕੀਤਾ ਰੋਸ ਪ੍ਰਦਰਸ਼ਨ
ਸੰਗਰੂਰ, 22 ਅਗਸਤ (ਦਲਜੀਤ ਸਿੰਘ) ਪੰਜਾਬ ਦੇ ਲੋਕਾਂ ਨੂੰ ਕੇਂਦਰ ਸਰਕਾਰ ਦੀਆਂ ਲੋਕ ਭਲਾਈ ਸਕੀਮਾਂ ਦਾ ਲਾਭ ਲੈਣ ਤੋਂ ਰੋਕ ਕੇ ਆਮ ਆਦਮੀ ਪਾਰਟੀ ਦੀ ਸਰਕਾਰ ਆਪਣੀ ਬੇੜੀ ਵਿੱਚ ਵੱਟੇ ਪਾਉਣ ਦਾ ਕੰਮ ਕਰ ਰਹੀ ਹੈ। ਇਹ ਵਿਚਾਰ ਭਾਜਪਾ ਆਗੂ ਸਿੰਗਲਾ ਨੇ ਭਾਜਪਾ ਵਰਕਰਾਂ ਵੱਲੋਂ ਮੁੱਖ ਮੰਤਰੀ ਭਗਵੰਤ ਮਾਨ ਦਾ ਪੁਤਲਾ ਫੂਕਣ ਮੌਕੇ ਪ੍ਰਗਟ ਕੀਤੇ। ਉਹਨਾਂ ਕਿਹਾ ਕਿ ਪੰਜਾਬ ਸਰਕਾਰ ਕੇਂਦਰ ਦੀਆਂ ਸਕੀਮਾਂ ਨੂੰ ਲਾਗੂ ਕਰਨ ਵਿੱਚ ਰੁਕਾਵਟਾਂ ਪਾ ਰਹੀ ਹੈ ਜਿਸ ਕਾਰਨ ਗਰੀਬ ਅਤੇ ਲੋੜਵੰਦ ਲੋਕ ਇਨ੍ਹਾਂ ਸਕੀਮਾਂ ਦੇ ਲਾਭ ਤੋਂ ਵਾਂਝੇ ਰਹਿ ਰਹੇ ਹਨ। ਭਾਜਪਾ ਵਰਕਰਾਂ ਨੇ ਸਰਕਾਰ ਵਿਰੁੱਧ ਜ਼ੋਰਦਾਰ ਨਾਅਰੇਬਾਜ਼ੀ ਕੀਤੀ ਅਤੇ ਚਿਤਾਵਨੀ ਦਿੱਤੀ ਕਿ ਜੇਕਰ ਸਰਕਾਰ ਨੇ ਆਪਣਾ ਰਵੱਈਆ ਨਾ ਬਦਲਿਆ ਤਾਂ ਸੰਘਰਸ਼ ਹੋਰ ਤੇਜ਼ ਕੀਤਾ ਜਾਵੇਗਾ। ਇਸ ਮੌਕੇ ਜ਼ਿਲ੍ਹਾ ਪ੍ਰਧਾਨ, ਮੰਡਲ ਪ੍ਰਧਾਨ ਅਤੇ ਵੱਡੀ ਗਿਣਤੀ ਵਿੱਚ ਭਾਜਪਾ ਵਰਕਰ ਹਾਜ਼ਰ ਸਨ।
ਅਮਰੀਕਾ ਵੱਲੋਂ ਪ੍ਰਵਾਸੀ ਟੱਰਕ ਡਰਾਇਵਰਾਂ ਦੀ ਡਰਾਇਵਰੀ ਤੇ ਲਾਈਵ ਪਾਬੰਦੀ ਦਾ ਮਾਮਲਾ ਭਖਿਆ..!
ਅਮਰੀਕਾ ਦੇ ਪ੍ਰਸ਼ਾਸਨ ਵੱਲੋਂ ਵੀਜ਼ਿਆਂ 'ਤੇ ਲੱਗੀ ਪਾਬੰਦੀ ਤੁਰੰਤ ਹਟਾਉਣੀ ਚਾਹੀਦੀ, ਤੁਰੰਤ ਦਖਲ ਦੇਵੇ ਭਾਰਤ ਸਰਕਾਰ : ਪਰਗਟ ਸਿੰਘ
ਪੰਜਾਬੀ ਨੌਜਵਾਨ ਵਿਦੇਸ਼ਾਂ ਵਿੱਚ ਸਭ ਤੋਂ ਵੱਧ ਟਰੱਕ ਚਲਾ ਰਹੇ ਹਨ, ਇਸ ਕਦਮ ਨਾਲ ਪੰਜਾਬੀ ਪ੍ਰਵਾਸੀ ਭਾਈਚਾਰਾ ਸਭ ਤੋਂ ਵੱਧ ਪ੍ਰਭਾਵਿਤ
ਪਰਗਟ ਸਿੰਘ ਨੇ ਵਿਦੇਸ਼ ਨੀਤੀ 'ਤੇ ਸਵਾਲ ਉਠਾਏ, ਕਿਹਾ ਕੈਨੇਡਾ, ਇੰਗਲੈਂਡ ਤੇ ਬਾਅਦ ਹੁਣ ਅਮਰੀਕਾ ਵੀ ਝੱਲਣ ਤੋਂ ਪਿੱਛੇ ਨਹੀਂ
ਕਿਹਾ - ਪ੍ਰਵਾਸੀ ਭਾਰਤੀ, ਪੰਜਾਬ ਅਤੇ ਦੇਸ਼ ਦੀ ਆਰਥਿਕਤਾ ਦੇ ਵਿੱਚ ਵਿਸ਼ੇਸ਼ ਰੋਲ ਅਦਾ ਕਰਦੇ ਹਨ
ਬਠਿੰਡਾ/ਚੰਡੀਗੜ੍ਹ, 22 ਅਗਸਤ (ਅਨਿਲ ਵਰਮਾ) ਆਲ ਇੰਡੀਆ ਕਾਂਗਰਸ ਕਮੇਟੀ ਦੇ ਸਕੱਤਰ ਅਤੇ ਵਿਧਾਇਕ ਪਰਗਟ ਸਿੰਘ ਨੇ ਅਮਰੀਕਾ ਵੱਲੋਂ ਪ੍ਰਵਾਸੀ ਟਰੱਕ ਡਰਾਈਵਰਾਂ ਦੇ ਵਰਕ ਵੀਜ਼ਿਆਂ ਉੱਤੇ ਲਗਾਈ ਗਈ ਪਾਬੰਦੀ ਉੱਤੇ ਗਹਿਰੀ ਚਿੰਤਾ ਪ੍ਰਗਟਾਈ ਹੈ। ਉਹਨਾਂ ਕਿਹਾ ਕਿ ਪੰਜਾਬੀ ਨੌਜਵਾਨ ਵਿਦੇਸ਼ਾਂ ਵਿੱਚ ਸਭ ਤੋਂ ਵੱਧ ਟਰੱਕ ਚਲਾ ਰਹੇ ਹਨ ਅਤੇ ਇਸ ਕਦਮ ਨਾਲ ਪੰਜਾਬੀ ਪ੍ਰਵਾਸੀ ਭਾਈਚਾਰਾ ਸਭ ਤੋਂ ਵੱਧ ਪ੍ਰਭਾਵਿਤ ਹੋਵੇਗਾ। ਉਹਨਾਂ ਨੇ ਕੇਂਦਰ ਸਰਕਾਰ ਦੀ ਵਿਦੇਸ਼ ਨੀਤੀ ਉੱਤੇ ਸਵਾਲ ਉਠਾਉਂਦਿਆਂ ਕਿਹਾ ਕਿ ਕੈਨੇਡਾ, ਇੰਗਲੈਂਡ ਤੋਂ ਬਾਅਦ ਹੁਣ ਅਮਰੀਕਾ ਵੀ ਭਾਰਤੀਆਂ ਉੱਤੇ ਸਖ਼ਤੀ ਕਰਨ ਤੋਂ ਪਿੱਛੇ ਨਹੀਂ ਹਟ ਰਿਹਾ। ਉਹਨਾਂ ਕਿਹਾ ਕਿ ਪ੍ਰਵਾਸੀ ਭਾਰਤੀ ਪੰਜਾਬ ਅਤੇ ਦੇਸ਼ ਦੀ ਆਰਥਿਕਤਾ ਵਿੱਚ ਵਿਸ਼ੇਸ਼ ਰੋਲ ਅਦਾ ਕਰਦੇ ਹਨ ਅਤੇ ਹਰ ਸਾਲ ਅਰਬਾਂ ਰੁਪਏ ਦੇਸ਼ ਵਿੱਚ ਭੇਜਦੇ ਹਨ। ਭਾਰਤ ਸਰਕਾਰ ਨੂੰ ਤੁਰੰਤ ਦਖਲ ਦੇ ਕੇ ਅਮਰੀਕੀ ਪ੍ਰਸ਼ਾਸਨ ਨਾਲ ਗੱਲਬਾਤ ਕਰਨੀ ਚਾਹੀਦੀ ਹੈ ਤਾਂ ਜੋ ਵੀਜ਼ਿਆਂ ਉੱਤੇ ਲੱਗੀ ਪਾਬੰਦੀ ਹਟਾਈ ਜਾ ਸਕੇ। ਉਹਨਾਂ ਕਿਹਾ ਕਿ ਡਰਾਈਵਰੀ ਦੇ ਕਿੱਤੇ ਨਾਲ ਜੁੜੇ ਹਜ਼ਾਰਾਂ ਪਰਿਵਾਰਾਂ ਦਾ ਭਵਿੱਖ ਦਾਅ ਉੱਤੇ ਲੱਗਿਆ ਹੋਇਆ ਹੈ ਅਤੇ ਸਰਕਾਰ ਨੂੰ ਇਸ ਮਸਲੇ ਨੂੰ ਗੰਭੀਰਤਾ ਨਾਲ ਲੈਣਾ ਚਾਹੀਦਾ ਹੈ।
